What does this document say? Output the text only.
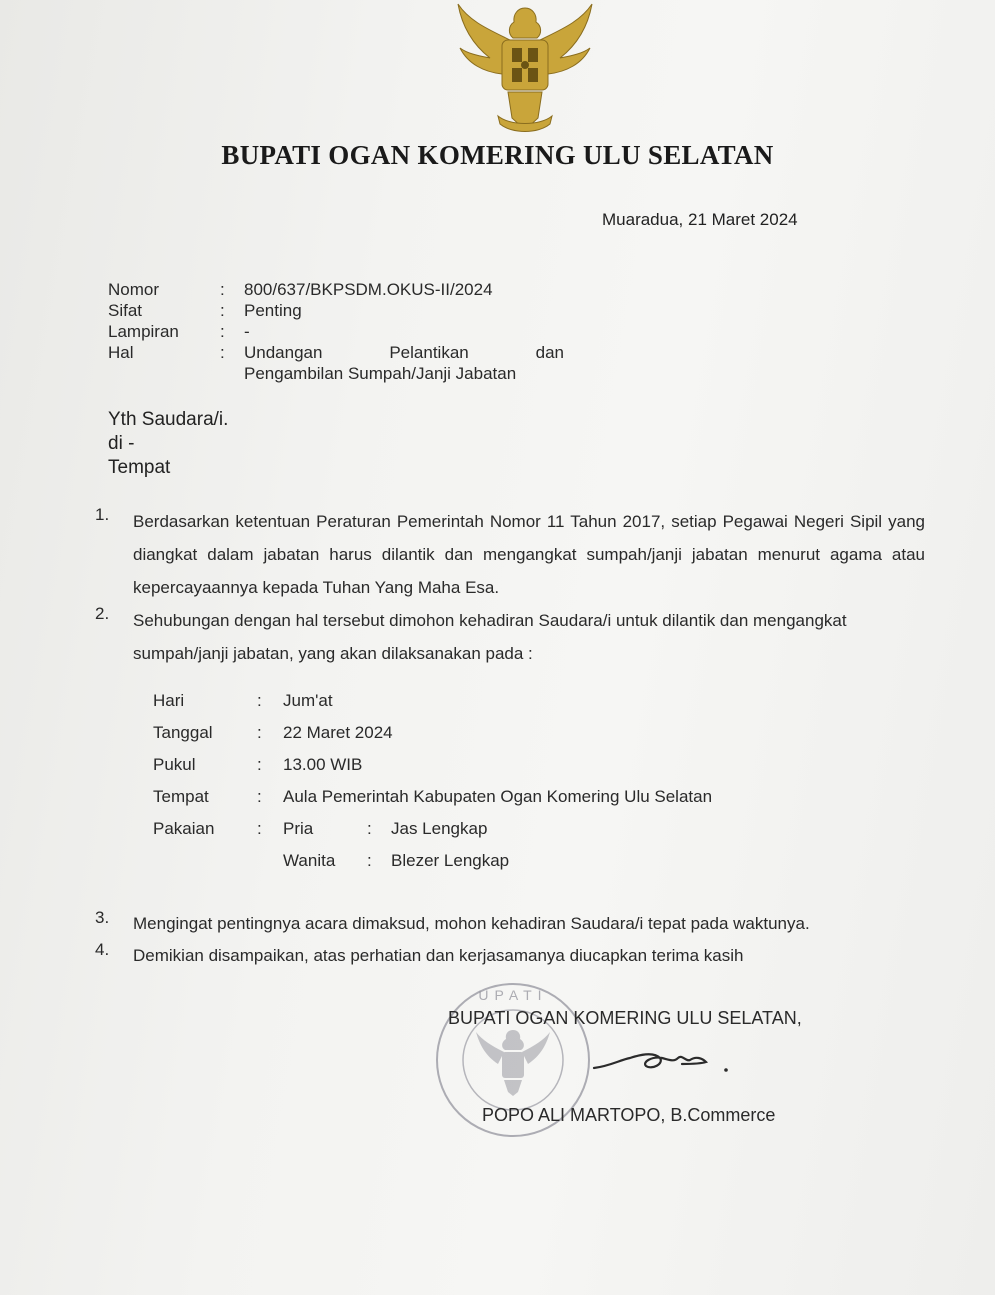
BUPATI OGAN KOMERING ULU SELATAN
Muaradua, 21 Maret 2024
Nomor	:	800/637/BKPSDM.OKUS-II/2024
Sifat	:	Penting
Lampiran	:	-
Hal	:	Undangan	Pelantikan	dan
Pengambilan Sumpah/Janji Jabatan
Yth Saudara/i.
di -
Tempat
1.	Berdasarkan ketentuan Peraturan Pemerintah Nomor 11 Tahun 2017, setiap Pegawai Negeri Sipil yang diangkat dalam jabatan harus dilantik dan mengangkat sumpah/janji jabatan menurut agama atau kepercayaannya kepada Tuhan Yang Maha Esa.
2.	Sehubungan dengan hal tersebut dimohon kehadiran Saudara/i untuk dilantik dan mengangkat sumpah/janji jabatan, yang akan dilaksanakan pada :
Hari	:	Jum'at
Tanggal	:	22 Maret 2024
Pukul	:	13.00 WIB
Tempat	:	Aula Pemerintah Kabupaten Ogan Komering Ulu Selatan
Pakaian	:	Pria	:	Jas Lengkap
Wanita	:	Blezer Lengkap
3.	Mengingat pentingnya acara dimaksud, mohon kehadiran Saudara/i tepat pada waktunya.
4.	Demikian disampaikan, atas perhatian dan kerjasamanya diucapkan terima kasih
UPATI
BUPATI OGAN KOMERING ULU SELATAN,
POPO ALI MARTOPO, B.Commerce
